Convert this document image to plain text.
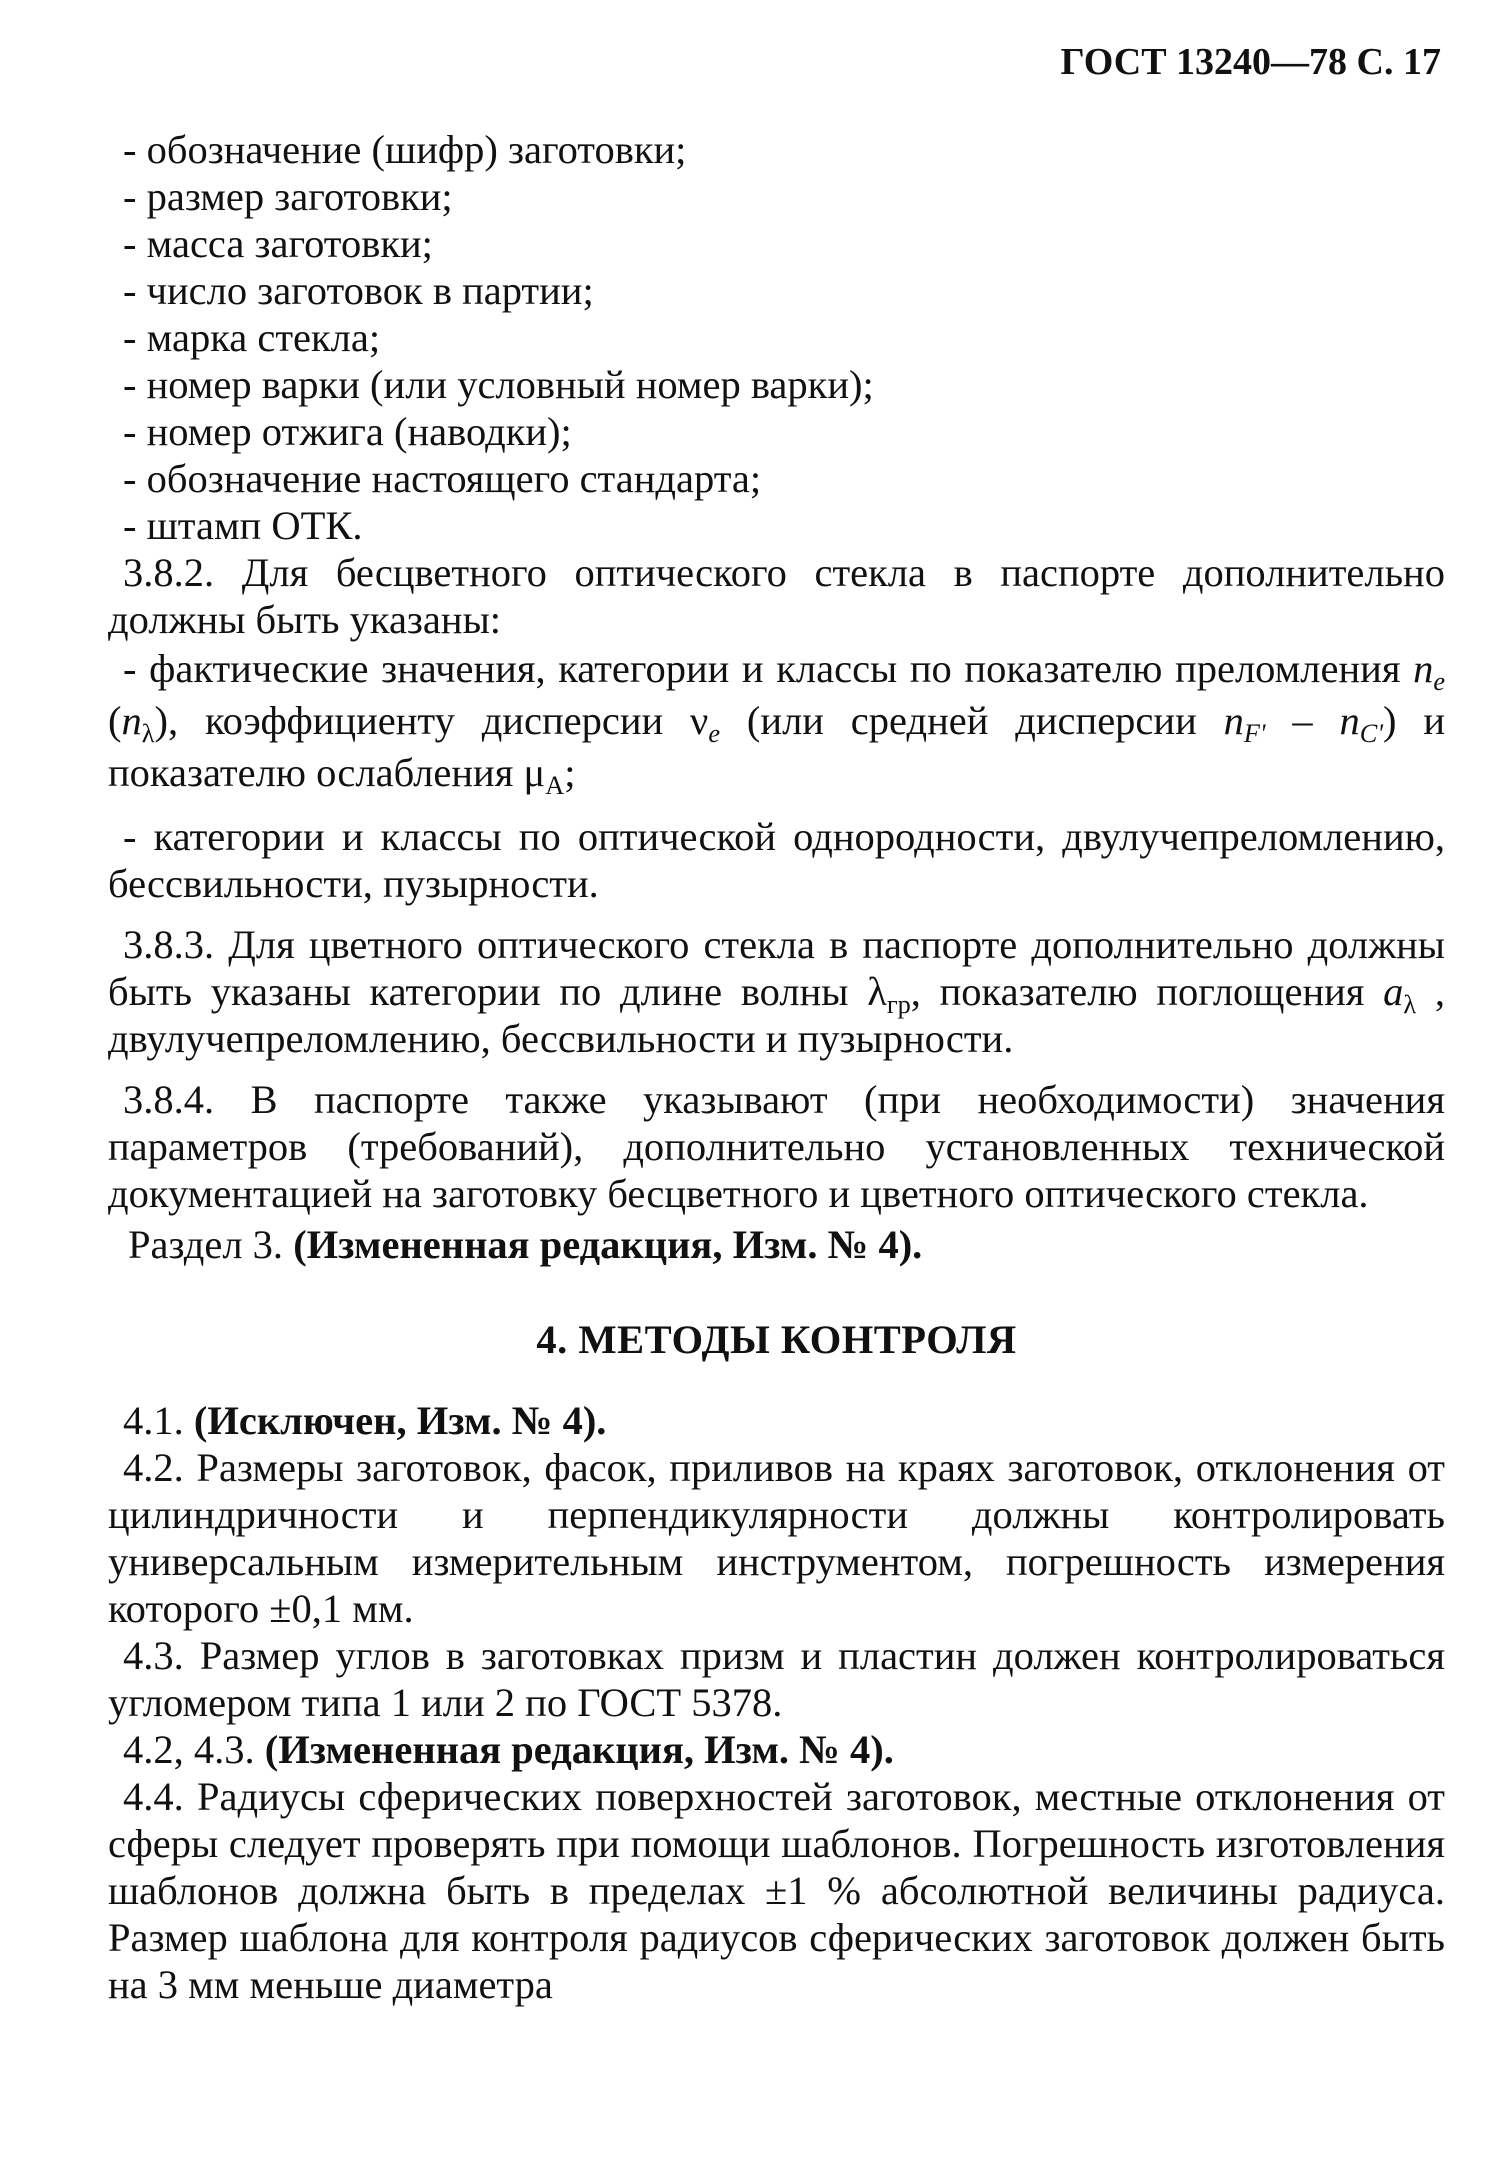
ГОСТ 13240—78 С. 17
- обозначение (шифр) заготовки;
- размер заготовки;
- масса заготовки;
- число заготовок в партии;
- марка стекла;
- номер варки (или условный номер варки);
- номер отжига (наводки);
- обозначение настоящего стандарта;
- штамп ОТК.

3.8.2. Для бесцветного оптического стекла в паспорте дополнительно должны быть указаны:

- фактические значения, категории и классы по показателю преломления $n_e$ $(n_\lambda)$, коэффициенту дисперсии $\nu_e$ (или средней дисперсии $n_{F'} - n_{C'}$) и показателю ослабления $\mu_A$;

- категории и классы по оптической однородности, двулучепреломлению, бессвильности, пузырности.

3.8.3. Для цветного оптического стекла в паспорте дополнительно должны быть указаны категории по длине волны $\lambda_{гр}$, показателю поглощения $a_\lambda$ , двулучепреломлению, бессвильности и пузырности.

3.8.4. В паспорте также указывают (при необходимости) значения параметров (требований), дополнительно установленных технической документацией на заготовку бесцветного и цветного оптического стекла.

Раздел 3. (Измененная редакция, Изм. № 4).

4. МЕТОДЫ КОНТРОЛЯ

4.1. (Исключен, Изм. № 4).

4.2. Размеры заготовок, фасок, приливов на краях заготовок, отклонения от цилиндричности и перпендикулярности должны контролировать универсальным измерительным инструментом, погрешность измерения которого ±0,1 мм.

4.3. Размер углов в заготовках призм и пластин должен контролироваться угломером типа 1 или 2 по ГОСТ 5378.

4.2, 4.3. (Измененная редакция, Изм. № 4).

4.4. Радиусы сферических поверхностей заготовок, местные отклонения от сферы следует проверять при помощи шаблонов. Погрешность изготовления шаблонов должна быть в пределах ±1 % абсолютной величины радиуса. Размер шаблона для контроля радиусов сферических заготовок должен быть на 3 мм меньше диаметра
